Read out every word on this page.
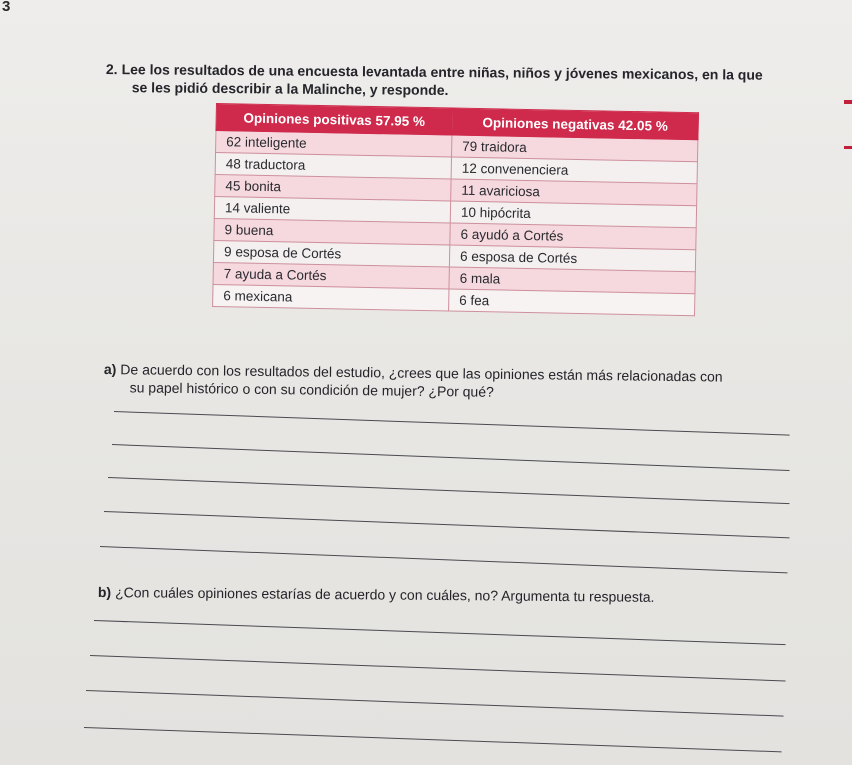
3
2. Lee los resultados de una encuesta levantada entre niñas, niños y jóvenes mexicanos, en la que
se les pidió describir a la Malinche, y responde.
Opiniones positivas 57.95 %	Opiniones negativas 42.05 %
62 inteligente	79 traidora
48 traductora	12 convenenciera
45 bonita	11 avariciosa
14 valiente	10 hipócrita
9 buena	6 ayudó a Cortés
9 esposa de Cortés	6 esposa de Cortés
7 ayuda a Cortés	6 mala
6 mexicana	6 fea
a) De acuerdo con los resultados del estudio, ¿crees que las opiniones están más relacionadas con
su papel histórico o con su condición de mujer? ¿Por qué?
b) ¿Con cuáles opiniones estarías de acuerdo y con cuáles, no? Argumenta tu respuesta.
